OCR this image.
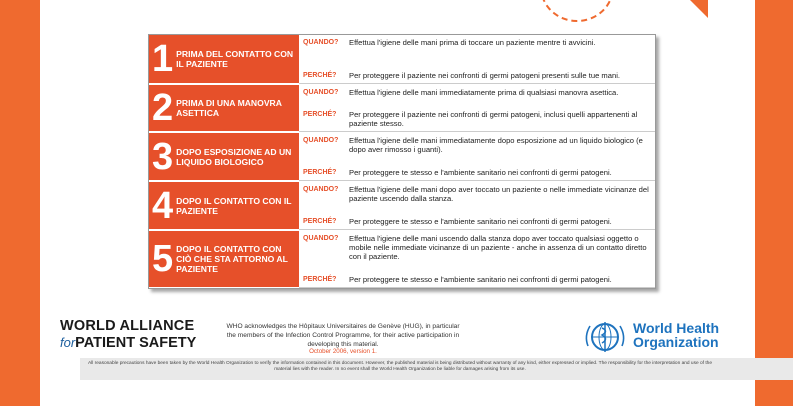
1 PRIMA DEL CONTATTO CON IL PAZIENTE
QUANDO?	Effettua l'igiene delle mani prima di toccare un paziente mentre ti avvicini.
PERCHÉ?	Per proteggere il paziente nei confronti di germi patogeni presenti sulle tue mani.
2 PRIMA DI UNA MANOVRA ASETTICA
QUANDO?	Effettua l'igiene delle mani immediatamente prima di qualsiasi manovra asettica.
PERCHÉ?	Per proteggere il paziente nei confronti di germi patogeni, inclusi quelli appartenenti al paziente stesso.
3 DOPO ESPOSIZIONE AD UN LIQUIDO BIOLOGICO
QUANDO?	Effettua l'igiene delle mani immediatamente dopo esposizione ad un liquido biologico (e dopo aver rimosso i guanti).
PERCHÉ?	Per proteggere te stesso e l'ambiente sanitario nei confronti di germi patogeni.
4 DOPO IL CONTATTO CON IL PAZIENTE
QUANDO?	Effettua l'igiene delle mani dopo aver toccato un paziente o nelle immediate vicinanze del paziente uscendo dalla stanza.
PERCHÉ?	Per proteggere te stesso e l'ambiente sanitario nei confronti di germi patogeni.
5 DOPO IL CONTATTO CON CIÒ CHE STA ATTORNO AL PAZIENTE
QUANDO?	Effettua l'igiene delle mani uscendo dalla stanza dopo aver toccato qualsiasi oggetto o mobile nelle immediate vicinanze di un paziente - anche in assenza di un contatto diretto con il paziente.
PERCHÉ?	Per proteggere te stesso e l'ambiente sanitario nei confronti di germi patogeni.
All reasonable precautions have been taken by the World Health Organization to verify the information contained in this document. However, the published material is being distributed without warranty of any kind, either expressed or implied. The responsibility for the interpretation and use of the material lies with the reader. In no event shall the World Health Organization be liable for damages arising from its use.
WORLD ALLIANCE
forPATIENT SAFETY
WHO acknowledges the Hôpitaux Universitaires de Genève (HUG), in particular the members of the Infection Control Programme, for their active participation in developing this material.
October 2006, version 1.
World Health
Organization
